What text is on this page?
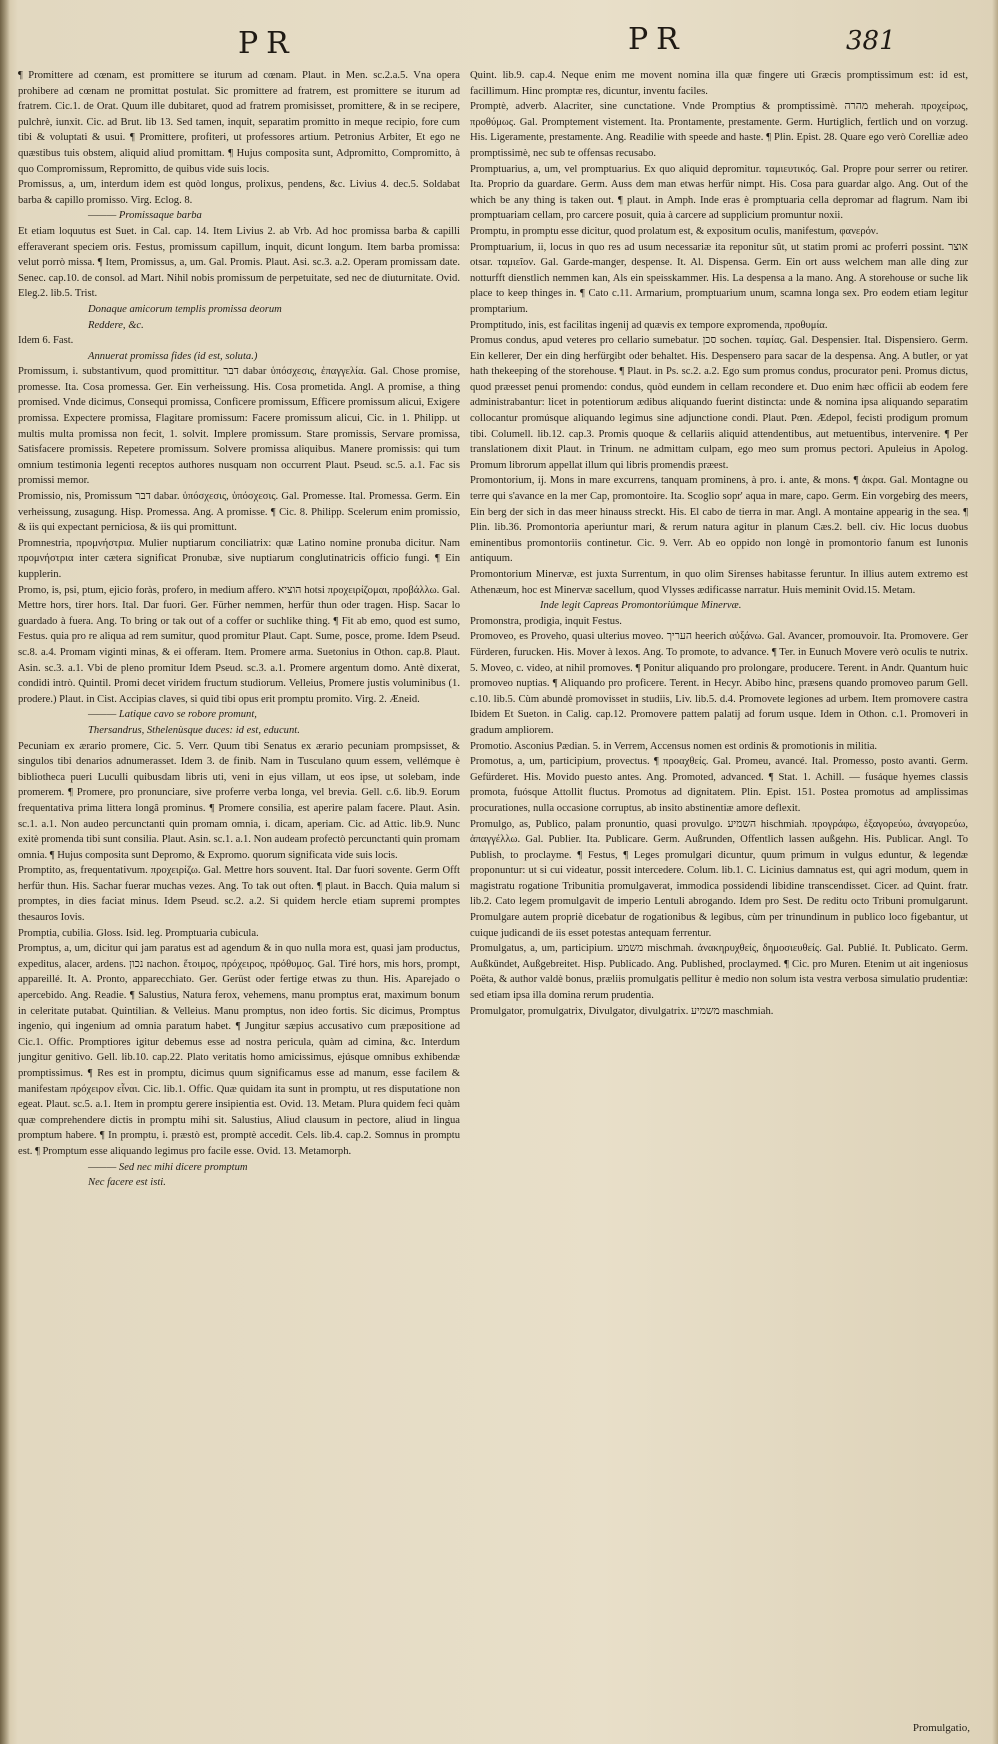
PR	PR	381

¶ Promittere ad cœnam, est promittere se iturum ad cœnam. Plaut. in Men. sc.2.a.5. Vna opera prohibere ad cœnam ne promittat postulat. Sic promittere ad fratrem, est promittere se iturum ad fratrem. Cic.1. de Orat. Quum ille dubitaret, quod ad fratrem promisisset, promittere, & in se recipere, pulchrè, iunxit. Cic. ad Brut. lib 13. Sed tamen, inquit, separatim promitto in meque recipio, fore cum tibi & voluptati & usui. ¶ Promittere, profiteri, ut professores artium. Petronius Arbiter, Et ego ne quæstibus tuis obstem, aliquid aliud promittam. ¶ Hujus composita sunt, Adpromitto, Compromitto, à quo Compromissum, Repromitto, de quibus vide suis locis.

Promissus, a, um, interdum idem est quòd longus, prolixus, pendens, &c. Livius 4. dec.5. Soldabat barba & capillo promisso. Virg. Eclog. 8.

——— Promissaque barba

Et etiam loquutus est Suet. in Cal. cap. 14. Item Livius 2. ab Vrb. Ad hoc promissa barba & capilli efferaverant speciem oris. Festus, promissum capillum, inquit, dicunt longum. Item barba promissa: velut porrò missa. ¶ Item, Promissus, a, um. Gal. Promis. Plaut. Asi. sc.3. a.2. Operam promissam date. Senec. cap.10. de consol. ad Mart. Nihil nobis promissum de perpetuitate, sed nec de diuturnitate. Ovid. Eleg.2. lib.5. Trist.

Donaque amicorum templis promissa deorum

Reddere, &c.

Idem 6. Fast.

Annuerat promissa fides (id est, soluta.)

Promissum, i. substantivum, quod promittitur. דבר dabar ὑπόσχεσις, ἐπαγγελία. Gal. Chose promise, promesse. Ita. Cosa promessa. Ger. Ein verheissung. His. Cosa prometida. Angl. A promise, a thing promised. Vnde dicimus, Consequi promissa, Conficere promissum, Efficere promissum alicui, Exigere promissa. Expectere promissa, Flagitare promissum: Facere promissum alicui, Cic. in 1. Philipp. ut multis multa promissa non fecit, 1. solvit. Implere promissum. Stare promissis, Servare promissa, Satisfacere promissis. Repetere promissum. Solvere promissa aliquibus. Manere promissis: qui tum omnium testimonia legenti receptos authores nusquam non occurrent Plaut. Pseud. sc.5. a.1. Fac sis promissi memor.

Promissio, nis, Promissum דבר dabar. ὑπόσχεσις, ὑπόσχεσις. Gal. Promesse. Ital. Promessa. Germ. Ein verheissung, zusagung. Hisp. Promessa. Ang. A promisse. ¶ Cic. 8. Philipp. Scelerum enim promissio, & iis qui expectant perniciosa, & iis qui promittunt.

Promnestria, προμνήστρια. Mulier nuptiarum conciliatrix: quæ Latino nomine pronuba dicitur. Nam προμνήστρια inter cætera significat Pronubæ, sive nuptiarum conglutinatricis officio fungi. ¶ Ein kupplerin.

Promo, is, psi, ptum, ejicio foràs, profero, in medium affero. הוציא hotsi προχειρίζομαι, προβάλλω. Gal. Mettre hors, tirer hors. Ital. Dar fuori. Ger. Fürher nemmen, herfür thun oder tragen. Hisp. Sacar lo guardado à fuera. Ang. To bring or tak out of a coffer or suchlike thing. ¶ Fit ab emo, quod est sumo, Festus. quia pro re aliqua ad rem sumitur, quod promitur Plaut. Capt. Sume, posce, prome. Idem Pseud. sc.8. a.4. Promam viginti minas, & ei offeram. Item. Promere arma. Suetonius in Othon. cap.8. Plaut. Asin. sc.3. a.1. Vbi de pleno promitur Idem Pseud. sc.3. a.1. Promere argentum domo. Antè dixerat, condidi intrò. Quintil. Promi decet viridem fructum studiorum. Velleius, Promere justis voluminibus (1. prodere.) Plaut. in Cist. Accipias claves, si quid tibi opus erit promptu promito. Virg. 2. Æneid.

——— Latique cavo se robore promunt,

Thersandrus, Sthelenùsque duces: id est, educunt.

Pecuniam ex ærario promere, Cic. 5. Verr. Quum tibi Senatus ex ærario pecuniam prompsisset, & singulos tibi denarios adnumerasset. Idem 3. de finib. Nam in Tusculano quum essem, vellémque è bibliotheca pueri Luculli quibusdam libris uti, veni in ejus villam, ut eos ipse, ut solebam, inde promerem. ¶ Promere, pro pronunciare, sive proferre verba longa, vel brevia. Gell. c.6. lib.9. Eorum frequentativa prima littera longâ prominus. ¶ Promere consilia, est aperire palam facere. Plaut. Asin. sc.1. a.1. Non audeo percunctanti quin promam omnia, i. dicam, aperiam. Cic. ad Attic. lib.9. Nunc exitè promenda tibi sunt consilia. Plaut. Asin. sc.1. a.1. Non audeam profectò percunctanti quin promam omnia. ¶ Hujus composita sunt Depromo, & Expromo. quorum significata vide suis locis.

Promptito, as, frequentativum. προχειρίζω. Gal. Mettre hors souvent. Ital. Dar fuori sovente. Germ Offt herfür thun. His. Sachar fuerar muchas vezes. Ang. To tak out often. ¶ plaut. in Bacch. Quia malum si promptes, in dies faciat minus. Idem Pseud. sc.2. a.2. Si quidem hercle etiam supremi promptes thesauros Iovis.

Promptia, cubilia. Gloss. Isid. leg. Promptuaria cubicula.

Promptus, a, um, dicitur qui jam paratus est ad agendum & in quo nulla mora est, quasi jam productus, expeditus, alacer, ardens. נכון nachon. ἕτοιμος, πρόχειρος, πρόθυμος. Gal. Tiré hors, mis hors, prompt, appareillé. It. A. Pronto, apparecchiato. Ger. Gerüst oder fertige etwas zu thun. His. Aparejado o apercebido. Ang. Readie. ¶ Salustius, Natura ferox, vehemens, manu promptus erat, maximum bonum in celeritate putabat. Quintilian. & Velleius. Manu promptus, non ideo fortis. Sic dicimus, Promptus ingenio, qui ingenium ad omnia paratum habet. ¶ Jungitur sæpius accusativo cum præpositione ad Cic.1. Offic. Promptiores igitur debemus esse ad nostra pericula, quàm ad cimina, &c. Interdum jungitur genitivo. Gell. lib.10. cap.22. Plato veritatis homo amicissimus, ejúsque omnibus exhibendæ promptissimus. ¶ Res est in promptu, dicimus quum significamus esse ad manum, esse facilem & manifestam πρόχειρον εἶναι. Cic. lib.1. Offic. Quæ quidam ita sunt in promptu, ut res disputatione non egeat. Plaut. sc.5. a.1. Item in promptu gerere insipientia est. Ovid. 13. Metam. Plura quidem feci quàm quæ comprehendere dictis in promptu mihi sit. Salustius, Aliud clausum in pectore, aliud in lingua promptum habere. ¶ In promptu, i. præstò est, promptè accedit. Cels. lib.4. cap.2. Somnus in promptu est. ¶ Promptum esse aliquando legimus pro facile esse. Ovid. 13. Metamorph.

——— Sed nec mihi dicere promptum

Nec facere est isti.

Quint. lib.9. cap.4. Neque enim me movent nomina illa quæ fingere uti Græcis promptissimum est: id est, facillimum. Hinc promptæ res, dicuntur, inventu faciles.

Promptè, adverb. Alacriter, sine cunctatione. Vnde Promptius & promptissimè. מהרה meherah. προχείρως, προθύμως. Gal. Promptement vistement. Ita. Prontamente, prestamente. Germ. Hurtiglich, fertlich und on vorzug. His. Ligeramente, prestamente. Ang. Readilie with speede and haste. ¶ Plin. Epist. 28. Quare ego verò Corelliæ adeo promptissimè, nec sub te offensas recusabo.

Promptuarius, a, um, vel promptuarius. Ex quo aliquid depromitur. ταμιευτικός. Gal. Propre pour serrer ou retirer. Ita. Proprio da guardare. Germ. Auss dem man etwas herfür nimpt. His. Cosa para guardar algo. Ang. Out of the which be any thing is taken out. ¶ plaut. in Amph. Inde eras è promptuaria cella depromar ad flagrum. Nam ibi promptuariam cellam, pro carcere posuit, quia à carcere ad supplicium promuntur noxii.

Promptu, in promptu esse dicitur, quod prolatum est, & expositum oculis, manifestum, φανερόν.

Promptuarium, ii, locus in quo res ad usum necessariæ ita reponitur sût, ut statim promi ac proferri possint. אוצר otsar. ταμιεῖον. Gal. Garde-manger, despense. It. Al. Dispensa. Germ. Ein ort auss welchem man alle ding zur notturfft dienstlich nemmen kan, Als ein speisskammer. His. La despensa a la mano. Ang. A storehouse or suche lik place to keep thinges in. ¶ Cato c.11. Armarium, promptuarium unum, scamna longa sex. Pro eodem etiam legitur promptarium.

Promptitudo, inis, est facilitas ingenij ad quævis ex tempore expromenda, προθυμία.

Promus condus, apud veteres pro cellario sumebatur. סכן sochen. ταμίας. Gal. Despensier. Ital. Dispensiero. Germ. Ein kellerer, Der ein ding herfürgibt oder behaltet. His. Despensero para sacar de la despensa. Ang. A butler, or yat hath thekeeping of the storehouse. ¶ Plaut. in Ps. sc.2. a.2. Ego sum promus condus, procurator peni. Promus dictus, quod præesset penui promendo: condus, quòd eundem in cellam recondere et. Duo enim hæc officii ab eodem fere administrabantur: licet in potentiorum ædibus aliquando fuerint distincta: unde & nomina ipsa aliquando separatim collocantur promúsque aliquando legimus sine adjunctione condi. Plaut. Pœn. Ædepol, fecisti prodigum promum tibi. Columell. lib.12. cap.3. Promis quoque & cellariis aliquid attendentibus, aut metuentibus, intervenire. ¶ Per translationem dixit Plaut. in Trinum. ne admittam culpam, ego meo sum promus pectori. Apuleius in Apolog. Promum librorum appellat illum qui libris promendis præest.

Promontorium, ij. Mons in mare excurrens, tanquam prominens, à pro. i. ante, & mons. ¶ ἀκρα. Gal. Montagne ou terre qui s'avance en la mer Cap, promontoire. Ita. Scoglio sopr' aqua in mare, capo. Germ. Ein vorgebirg des meers, Ein berg der sich in das meer hinauss streckt. His. El cabo de tierra in mar. Angl. A montaine appearig in the sea. ¶ Plin. lib.36. Promontoria aperiuntur mari, & rerum natura agitur in planum Cæs.2. bell. civ. Hic locus duobus eminentibus promontoriis continetur. Cic. 9. Verr. Ab eo oppido non longè in promontorio fanum est Iunonis antiquum.

Promontorium Minervæ, est juxta Surrentum, in quo olim Sirenses habitasse feruntur. In illius autem extremo est Athenæum, hoc est Minervæ sacellum, quod Vlysses ædificasse narratur. Huis meminit Ovid.15. Metam.

Inde legit Capreas Promontoriúmque Minervæ.

Promonstra, prodigia, inquit Festus.

Promoveo, es Proveho, quasi ulterius moveo. העריך heerich αὐξάνω. Gal. Avancer, promouvoir. Ita. Promovere. Ger Fürderen, furucken. His. Mover à lexos. Ang. To promote, to advance. ¶ Ter. in Eunuch Movere verò oculis te nutrix. 5. Moveo, c. video, at nihil promoves. ¶ Ponitur aliquando pro prolongare, producere. Terent. in Andr. Quantum huic promoveo nuptias. ¶ Aliquando pro proficere. Terent. in Hecyr. Abibo hinc, præsens quando promoveo parum Gell. c.10. lib.5. Cùm abundè promovisset in studiis, Liv. lib.5. d.4. Promovete legiones ad urbem. Item promovere castra Ibidem Et Sueton. in Calig. cap.12. Promovere pattem palatij ad forum usque. Idem in Othon. c.1. Promoveri in gradum ampliorem.

Promotio. Asconius Pædian. 5. in Verrem, Accensus nomen est ordinis & promotionis in militia.

Promotus, a, um, participium, provectus. ¶ προαχθείς. Gal. Promeu, avancé. Ital. Promesso, posto avanti. Germ. Gefürderet. His. Movido puesto antes. Ang. Promoted, advanced. ¶ Stat. 1. Achill. — fusáque hyemes classis promota, fuósque Attollit fluctus. Promotus ad dignitatem. Plin. Epist. 151. Postea promotus ad amplissimas procurationes, nulla occasione corruptus, ab insito abstinentiæ amore deflexit.

Promulgo, as, Publico, palam pronuntio, quasi provulgo. השמיע hischmiah. προγράφω, ἐξαγορεύω, ἀναγορεύω, ἀπαγγέλλω. Gal. Publier. Ita. Publicare. Germ. Außrunden, Offentlich lassen außgehn. His. Publicar. Angl. To Publish, to proclayme. ¶ Festus, ¶ Leges promulgari dicuntur, quum primum in vulgus eduntur, & legendæ proponuntur: ut si cui videatur, possit intercedere. Colum. lib.1. C. Licinius damnatus est, qui agri modum, quem in magistratu rogatione Tribunitia promulgaverat, immodica possidendi libidine transcendisset. Cicer. ad Quint. fratr. lib.2. Cato legem promulgavit de imperio Lentuli abrogando. Idem pro Sest. De reditu octo Tribuni promulgarunt. Promulgare autem propriè dicebatur de rogationibus & legibus, cùm per trinundinum in publico loco figebantur, ut cuique judicandi de iis esset potestas antequam ferrentur.

Promulgatus, a, um, participium. משמע mischmah. ἀνακηρυχθείς, δημοσιευθείς. Gal. Publié. It. Publicato. Germ. Außkündet, Außgebreitet. Hisp. Publicado. Ang. Published, proclaymed. ¶ Cic. pro Muren. Etenim ut ait ingeniosus Poëta, & author valdè bonus, præliis promulgatis pellitur è medio non solum ista vestra verbosa simulatio prudentiæ: sed etiam ipsa illa domina rerum prudentia.

Promulgator, promulgatrix, Divulgator, divulgatrix. משמיע maschmiah.

Promulgatio,
